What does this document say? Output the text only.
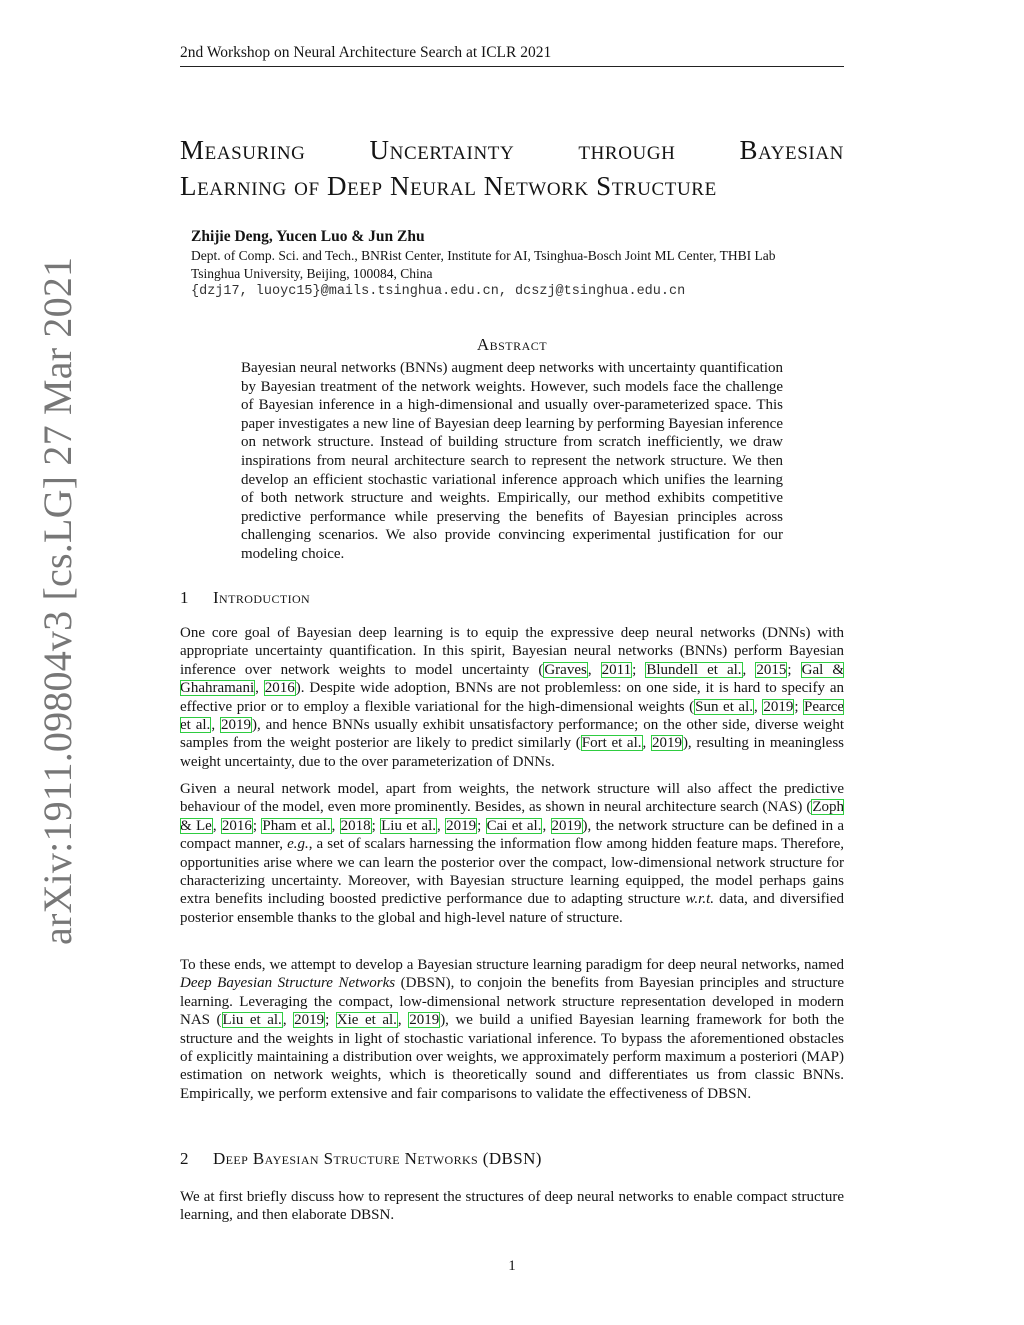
2nd Workshop on Neural Architecture Search at ICLR 2021
arXiv:1911.09804v3 [cs.LG] 27 Mar 2021
Measuring Uncertainty through Bayesian
Learning of Deep Neural Network Structure
Zhijie Deng, Yucen Luo & Jun Zhu
Dept. of Comp. Sci. and Tech., BNRist Center, Institute for AI, Tsinghua-Bosch Joint ML Center, THBI Lab
Tsinghua University, Beijing, 100084, China
{dzj17, luoyc15}@mails.tsinghua.edu.cn, dcszj@tsinghua.edu.cn
Abstract
Bayesian neural networks (BNNs) augment deep networks with uncertainty quantification by Bayesian treatment of the network weights. However, such models face the challenge of Bayesian inference in a high-dimensional and usually over-parameterized space. This paper investigates a new line of Bayesian deep learning by performing Bayesian inference on network structure. Instead of building structure from scratch inefficiently, we draw inspirations from neural architecture search to represent the network structure. We then develop an efficient stochastic variational inference approach which unifies the learning of both network structure and weights. Empirically, our method exhibits competitive predictive performance while preserving the benefits of Bayesian principles across challenging scenarios. We also provide convincing experimental justification for our modeling choice.
1 Introduction
One core goal of Bayesian deep learning is to equip the expressive deep neural networks (DNNs) with appropriate uncertainty quantification. In this spirit, Bayesian neural networks (BNNs) perform Bayesian inference over network weights to model uncertainty (Graves, 2011; Blundell et al., 2015; Gal & Ghahramani, 2016). Despite wide adoption, BNNs are not problemless: on one side, it is hard to specify an effective prior or to employ a flexible variational for the high-dimensional weights (Sun et al., 2019; Pearce et al., 2019), and hence BNNs usually exhibit unsatisfactory performance; on the other side, diverse weight samples from the weight posterior are likely to predict similarly (Fort et al., 2019), resulting in meaningless weight uncertainty, due to the over parameterization of DNNs.
Given a neural network model, apart from weights, the network structure will also affect the predictive behaviour of the model, even more prominently. Besides, as shown in neural architecture search (NAS) (Zoph & Le, 2016; Pham et al., 2018; Liu et al., 2019; Cai et al., 2019), the network structure can be defined in a compact manner, e.g., a set of scalars harnessing the information flow among hidden feature maps. Therefore, opportunities arise where we can learn the posterior over the compact, low-dimensional network structure for characterizing uncertainty. Moreover, with Bayesian structure learning equipped, the model perhaps gains extra benefits including boosted predictive performance due to adapting structure w.r.t. data, and diversified posterior ensemble thanks to the global and high-level nature of structure.
To these ends, we attempt to develop a Bayesian structure learning paradigm for deep neural networks, named Deep Bayesian Structure Networks (DBSN), to conjoin the benefits from Bayesian principles and structure learning. Leveraging the compact, low-dimensional network structure representation developed in modern NAS (Liu et al., 2019; Xie et al., 2019), we build a unified Bayesian learning framework for both the structure and the weights in light of stochastic variational inference. To bypass the aforementioned obstacles of explicitly maintaining a distribution over weights, we approximately perform maximum a posteriori (MAP) estimation on network weights, which is theoretically sound and differentiates us from classic BNNs. Empirically, we perform extensive and fair comparisons to validate the effectiveness of DBSN.
2 Deep Bayesian Structure Networks (DBSN)
We at first briefly discuss how to represent the structures of deep neural networks to enable compact structure learning, and then elaborate DBSN.
1
